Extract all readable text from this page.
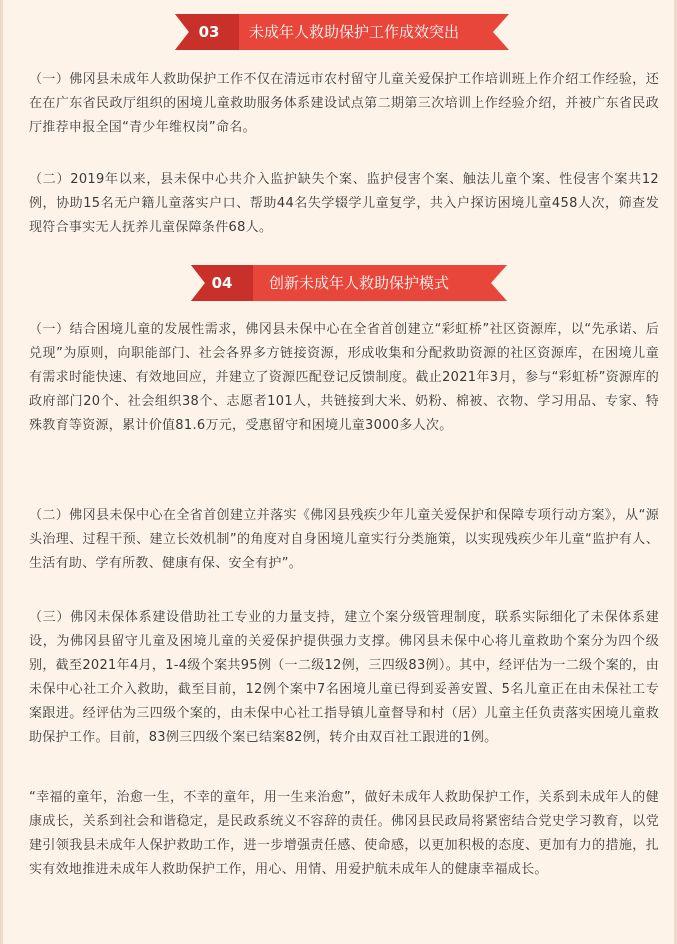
03	未成年人救助保护工作成效突出

（一）佛冈县未成年人救助保护工作不仅在清远市农村留守儿童关爱保护工作培训班上作介绍工作经验，还在在广东省民政厅组织的困境儿童救助服务体系建设试点第二期第三次培训上作经验介绍，并被广东省民政厅推荐申报全国“青少年维权岗”命名。

（二）2019年以来，县未保中心共介入监护缺失个案、监护侵害个案、触法儿童个案、性侵害个案共12例，协助15名无户籍儿童落实户口、帮助44名失学辍学儿童复学，共入户探访困境儿童458人次，筛查发现符合事实无人抚养儿童保障条件68人。

04	创新未成年人救助保护模式

（一）结合困境儿童的发展性需求，佛冈县未保中心在全省首创建立“彩虹桥”社区资源库，以“先承诺、后兑现”为原则，向职能部门、社会各界多方链接资源，形成收集和分配救助资源的社区资源库，在困境儿童有需求时能快速、有效地回应，并建立了资源匹配登记反馈制度。截止2021年3月，参与“彩虹桥”资源库的政府部门20个、社会组织38个、志愿者101人，共链接到大米、奶粉、棉被、衣物、学习用品、专家、特殊教育等资源，累计价值81.6万元，受惠留守和困境儿童3000多人次。

（二）佛冈县未保中心在全省首创建立并落实《佛冈县残疾少年儿童关爱保护和保障专项行动方案》，从“源头治理、过程干预、建立长效机制”的角度对自身困境儿童实行分类施策，以实现残疾少年儿童“监护有人、生活有助、学有所教、健康有保、安全有护”。

（三）佛冈未保体系建设借助社工专业的力量支持，建立个案分级管理制度，联系实际细化了未保体系建设，为佛冈县留守儿童及困境儿童的关爱保护提供强力支撑。佛冈县未保中心将儿童救助个案分为四个级别，截至2021年4月，1-4级个案共95例（一二级12例，三四级83例）。其中，经评估为一二级个案的，由未保中心社工介入救助，截至目前，12例个案中7名困境儿童已得到妥善安置、5名儿童正在由未保社工专案跟进。经评估为三四级个案的，由未保中心社工指导镇儿童督导和村（居）儿童主任负责落实困境儿童救助保护工作。目前，83例三四级个案已结案82例，转介由双百社工跟进的1例。

“幸福的童年，治愈一生，不幸的童年，用一生来治愈”，做好未成年人救助保护工作，关系到未成年人的健康成长，关系到社会和谐稳定，是民政系统义不容辞的责任。佛冈县民政局将紧密结合党史学习教育，以党建引领我县未成年人保护救助工作，进一步增强责任感、使命感，以更加积极的态度、更加有力的措施，扎实有效地推进未成年人救助保护工作，用心、用情、用爱护航未成年人的健康幸福成长。
